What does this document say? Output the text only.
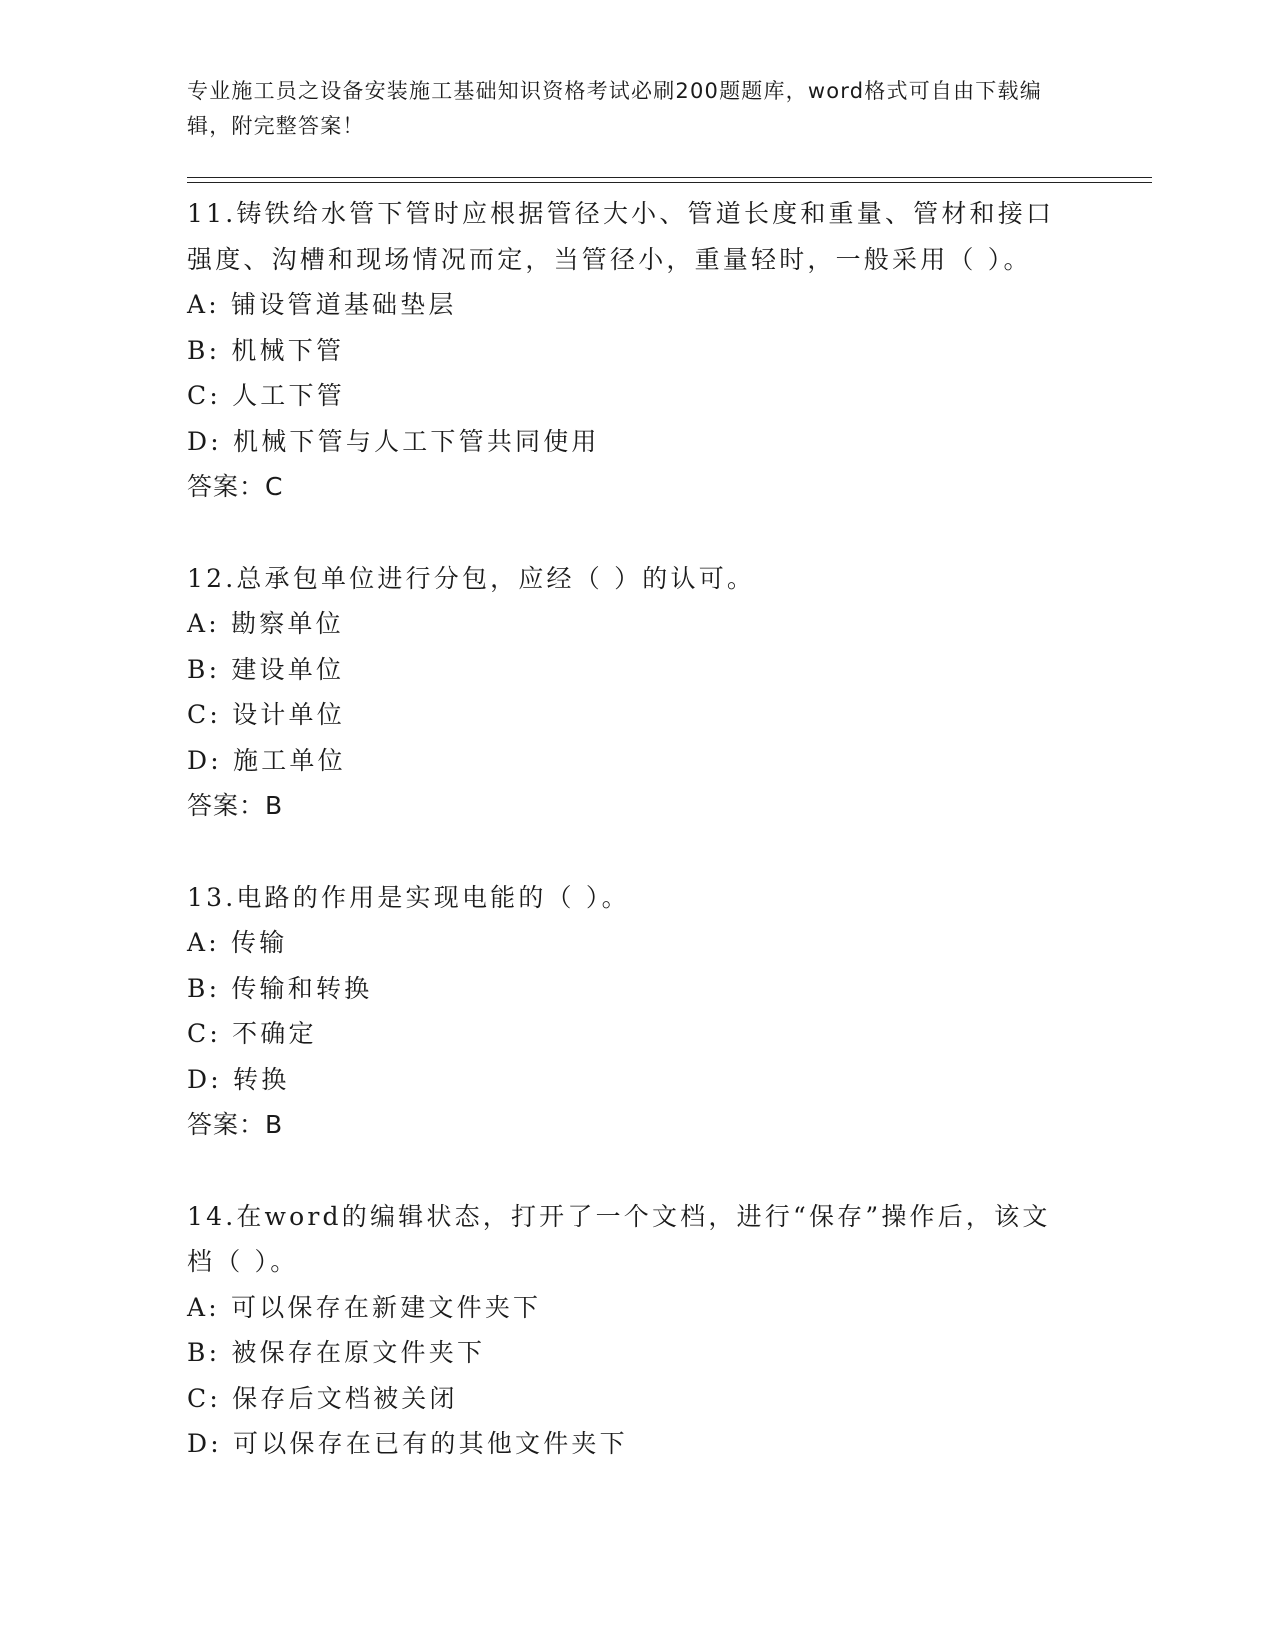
专业施工员之设备安装施工基础知识资格考试必刷200题题库，word格式可自由下载编辑，附完整答案！

11.铸铁给水管下管时应根据管径大小、管道长度和重量、管材和接口强度、沟槽和现场情况而定，当管径小，重量轻时，一般采用（ ）。

A: 铺设管道基础垫层

B: 机械下管

C: 人工下管

D: 机械下管与人工下管共同使用

答案：C

12.总承包单位进行分包，应经（ ）的认可。

A: 勘察单位

B: 建设单位

C: 设计单位

D: 施工单位

答案：B

13.电路的作用是实现电能的（ ）。

A: 传输

B: 传输和转换

C: 不确定

D: 转换

答案：B

14.在word的编辑状态，打开了一个文档，进行“保存”操作后，该文档（ ）。

A: 可以保存在新建文件夹下

B: 被保存在原文件夹下

C: 保存后文档被关闭

D: 可以保存在已有的其他文件夹下
